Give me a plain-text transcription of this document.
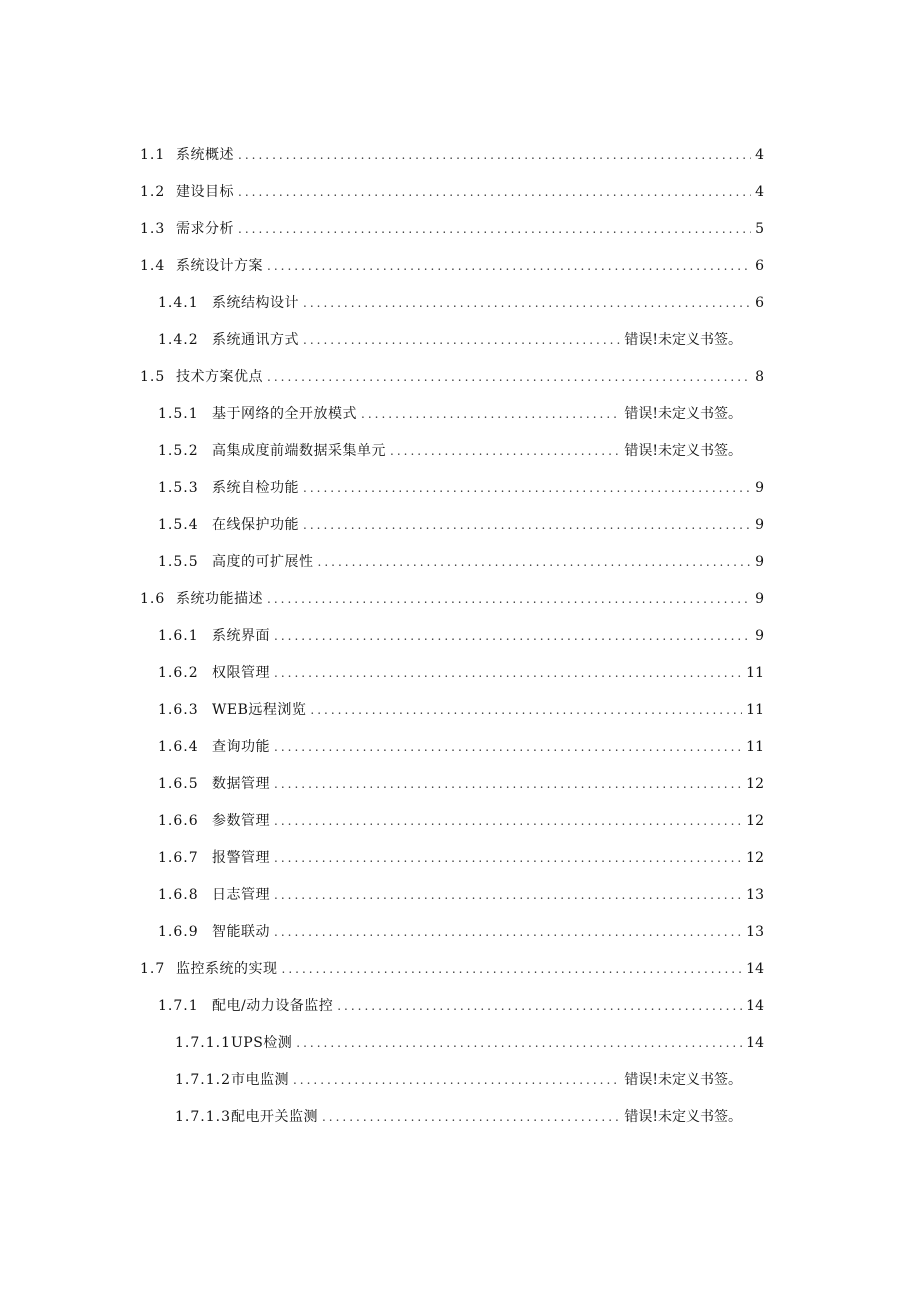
1.1 系统概述 .....	4
1.2 建设目标 .....	4
1.3 需求分析 .....	5
1.4 系统设计方案 .....	6
1.4.1 系统结构设计 .....	6
1.4.2 系统通讯方式 .....	错误!未定义书签。
1.5 技术方案优点 .....	8
1.5.1 基于网络的全开放模式 .....	错误!未定义书签。
1.5.2 高集成度前端数据采集单元 .....	错误!未定义书签。
1.5.3 系统自检功能 .....	9
1.5.4 在线保护功能 .....	9
1.5.5 高度的可扩展性 .....	9
1.6 系统功能描述 .....	9
1.6.1 系统界面 .....	9
1.6.2 权限管理 .....	11
1.6.3 WEB远程浏览 .....	11
1.6.4 查询功能 .....	11
1.6.5 数据管理 .....	12
1.6.6 参数管理 .....	12
1.6.7 报警管理 .....	12
1.6.8 日志管理 .....	13
1.6.9 智能联动 .....	13
1.7 监控系统的实现 .....	14
1.7.1 配电/动力设备监控 .....	14
1.7.1.1 UPS检测 .....	14
1.7.1.2 市电监测 .....	错误!未定义书签。
1.7.1.3 配电开关监测 .....	错误!未定义书签。
